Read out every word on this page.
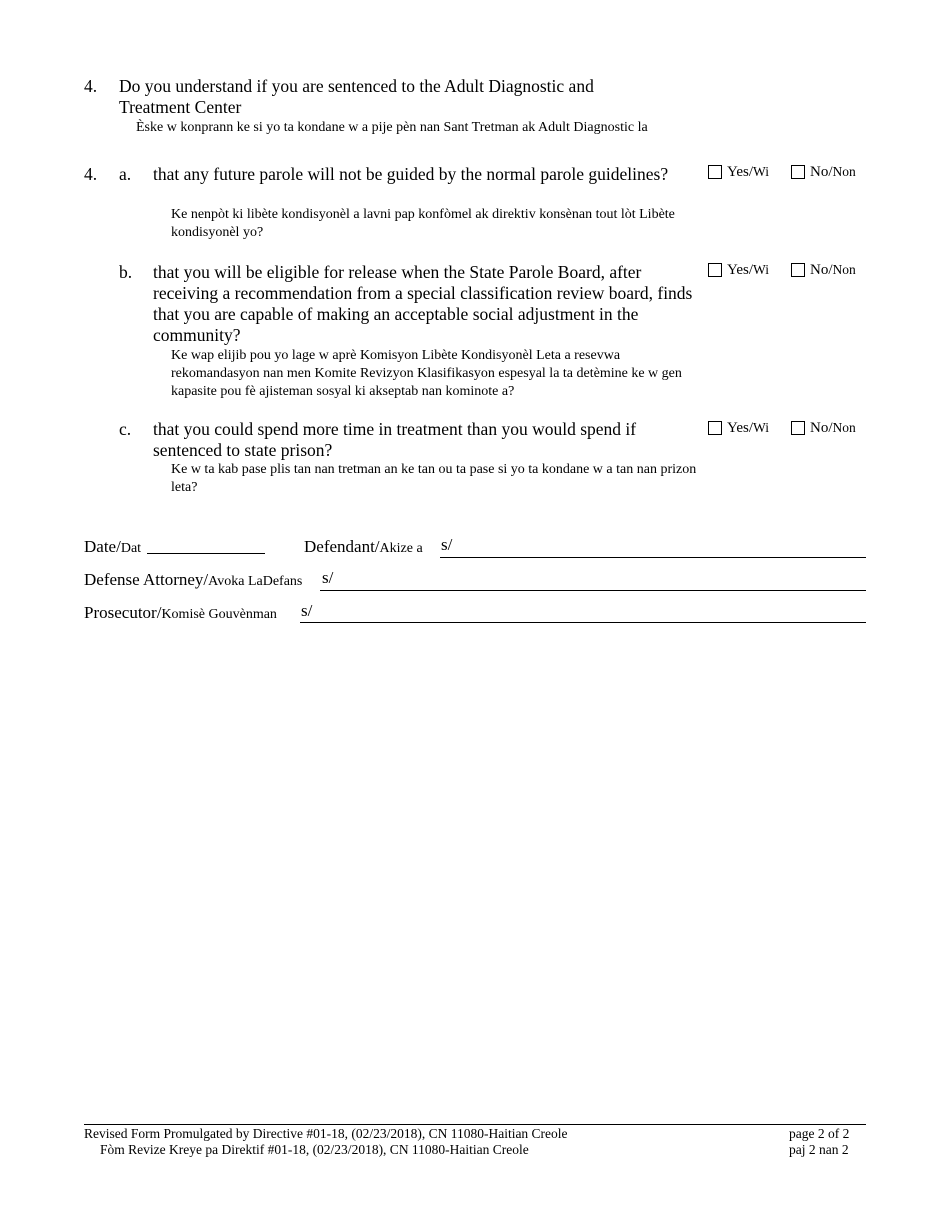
4. Do you understand if you are sentenced to the Adult Diagnostic and Treatment Center
Èske w konprann ke si yo ta kondane w a pije pèn nan Sant Tretman ak Adult Diagnostic la
4. a. that any future parole will not be guided by the normal parole guidelines?
Ke nenpòt ki libète kondisyonèl a lavni pap konfòmel ak direktiv konsènan tout lòt Libète kondisyonèl yo?
Yes/ Wi	No/ Non
b. that you will be eligible for release when the State Parole Board, after receiving a recommendation from a special classification review board, finds that you are capable of making an acceptable social adjustment in the community?
Ke wap elijib pou yo lage w aprè Komisyon Libète Kondisyonèl Leta a resevwa rekomandasyon nan men Komite Revizyon Klasifikasyon espesyal la ta detèmine ke w gen kapasite pou fè ajisteman sosyal ki akseptab nan kominote a?
Yes/ Wi	No/ Non
c. that you could spend more time in treatment than you would spend if sentenced to state prison?
Ke w ta kab pase plis tan nan tretman an ke tan ou ta pase si yo ta kondane w a tan nan prizon leta?
Yes/ Wi	No/ Non
Date/Dat	Defendant/Akize a s/
Defense Attorney/Avoka LaDefans s/
Prosecutor/Komisè Gouvènman s/
Revised Form Promulgated by Directive #01-18, (02/23/2018), CN 11080-Haitian Creole
Fòm Revize Kreye pa Direktif #01-18, (02/23/2018), CN 11080-Haitian Creole
page 2 of 2
paj 2 nan 2
